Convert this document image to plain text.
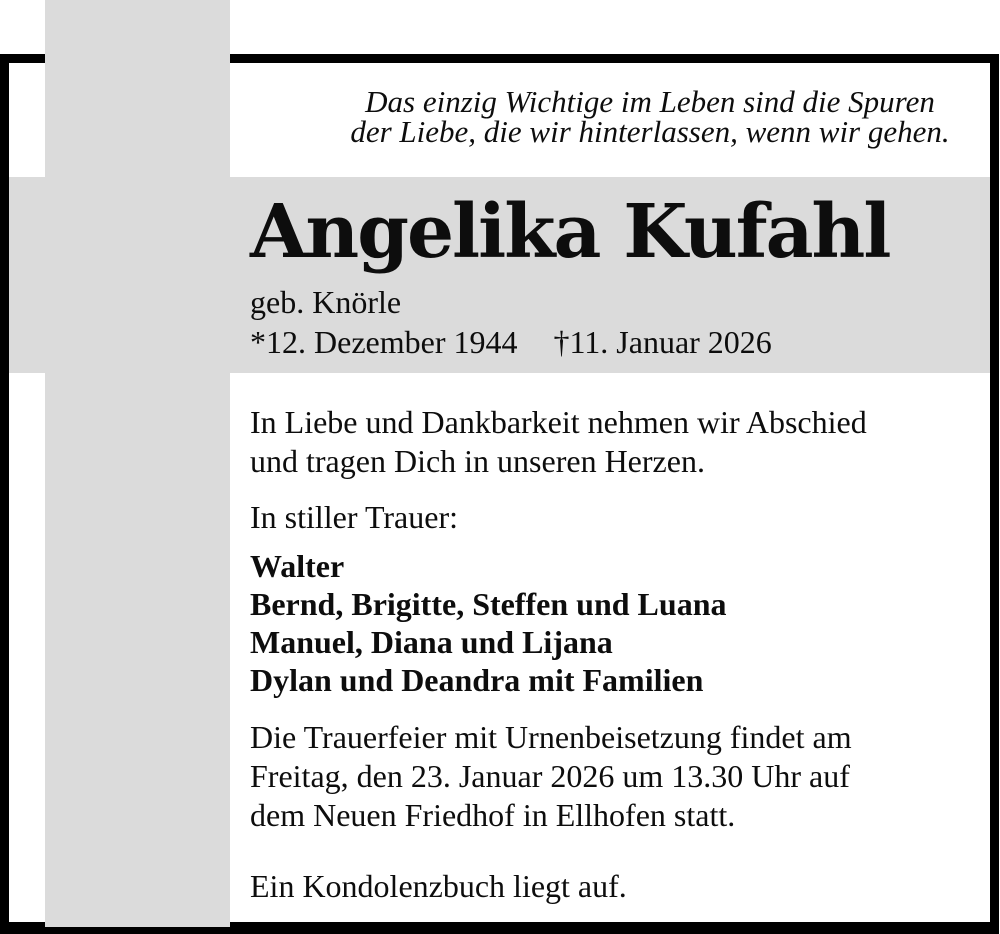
Das einzig Wichtige im Leben sind die Spuren
der Liebe, die wir hinterlassen, wenn wir gehen.
Angelika Kufahl
geb. Knörle
*12. Dezember 1944 †11. Januar 2026
In Liebe und Dankbarkeit nehmen wir Abschied
und tragen Dich in unseren Herzen.
In stiller Trauer:
Walter
Bernd, Brigitte, Steffen und Luana
Manuel, Diana und Lijana
Dylan und Deandra mit Familien
Die Trauerfeier mit Urnenbeisetzung findet am
Freitag, den 23. Januar 2026 um 13.30 Uhr auf
dem Neuen Friedhof in Ellhofen statt.
Ein Kondolenzbuch liegt auf.
